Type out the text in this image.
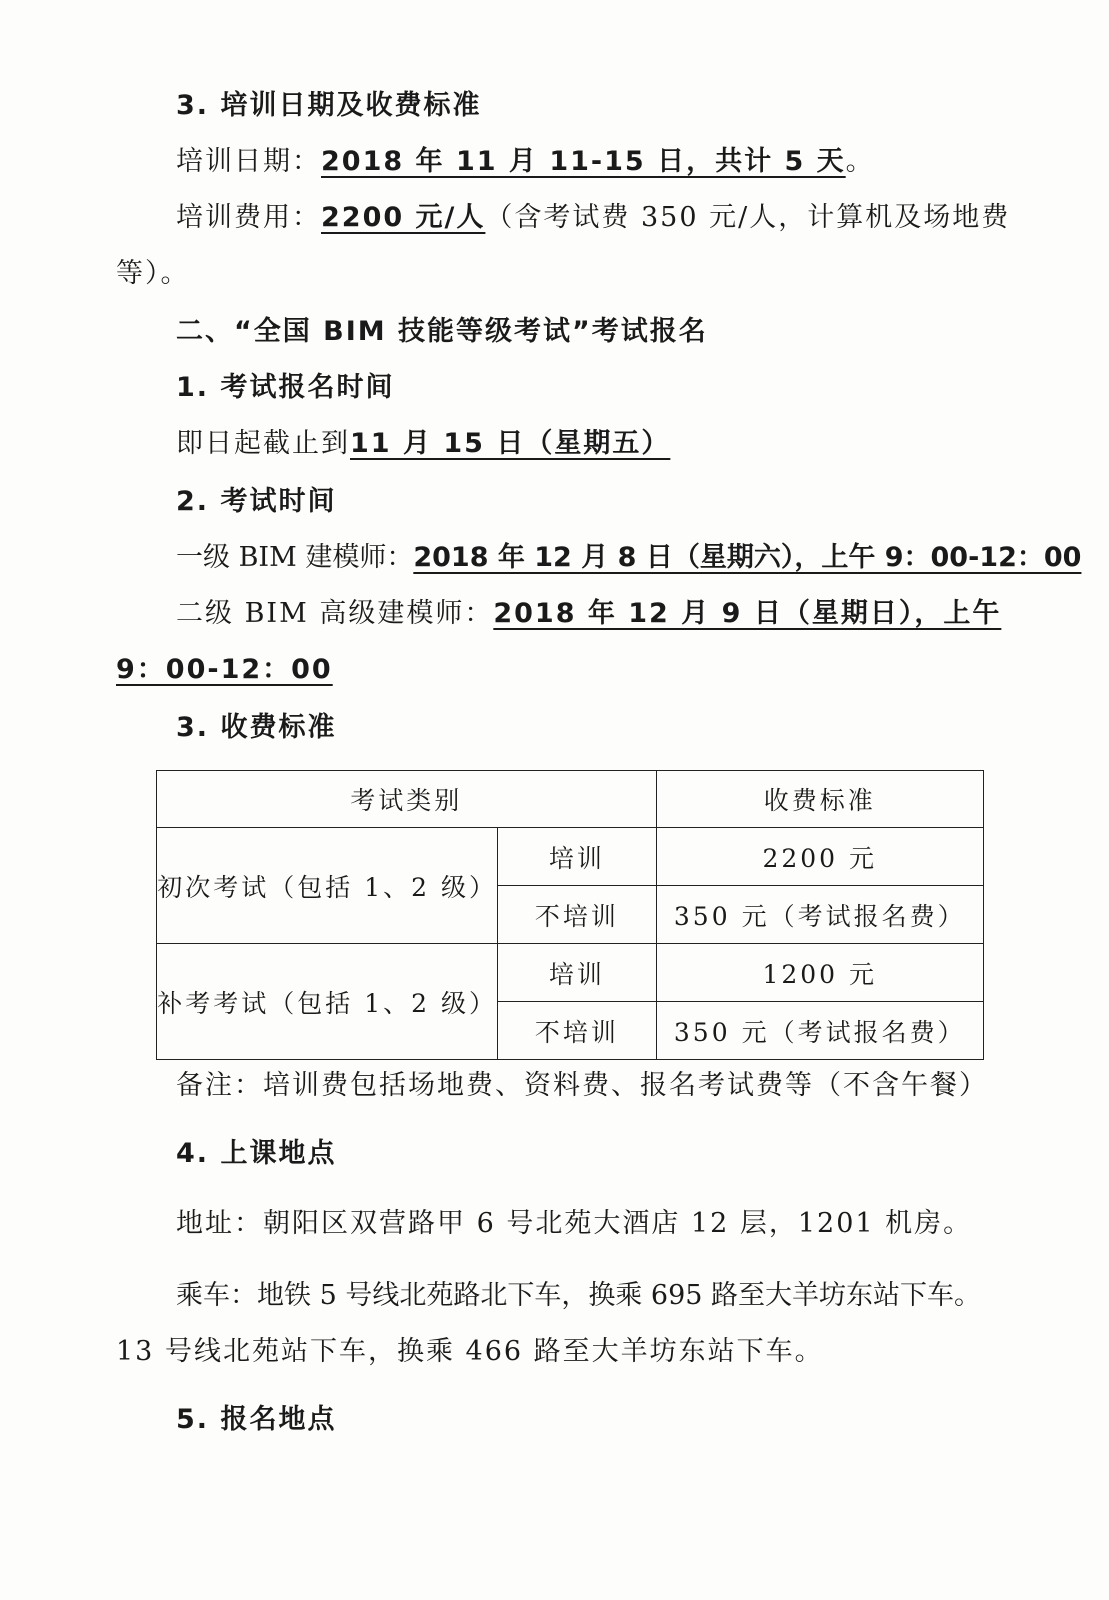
3. 培训日期及收费标准
培训日期：2018 年 11 月 11-15 日，共计 5 天。
培训费用：2200 元/人（含考试费 350 元/人，计算机及场地费
等）。
二、“全国 BIM 技能等级考试”考试报名
1. 考试报名时间
即日起截止到11 月 15 日（星期五）
2. 考试时间
一级 BIM 建模师：2018 年 12 月 8 日（星期六），上午 9：00-12：00
二级 BIM 高级建模师：2018 年 12 月 9 日（星期日），上午
9：00-12：00
3. 收费标准
考试类别		收费标准
初次考试（包括 1、2 级）	培训	2200 元
	不培训	350 元（考试报名费）
补考考试（包括 1、2 级）	培训	1200 元
	不培训	350 元（考试报名费）
备注：培训费包括场地费、资料费、报名考试费等（不含午餐）
4. 上课地点
地址：朝阳区双营路甲 6 号北苑大酒店 12 层，1201 机房。
乘车：地铁 5 号线北苑路北下车，换乘 695 路至大羊坊东站下车。
13 号线北苑站下车，换乘 466 路至大羊坊东站下车。
5. 报名地点
